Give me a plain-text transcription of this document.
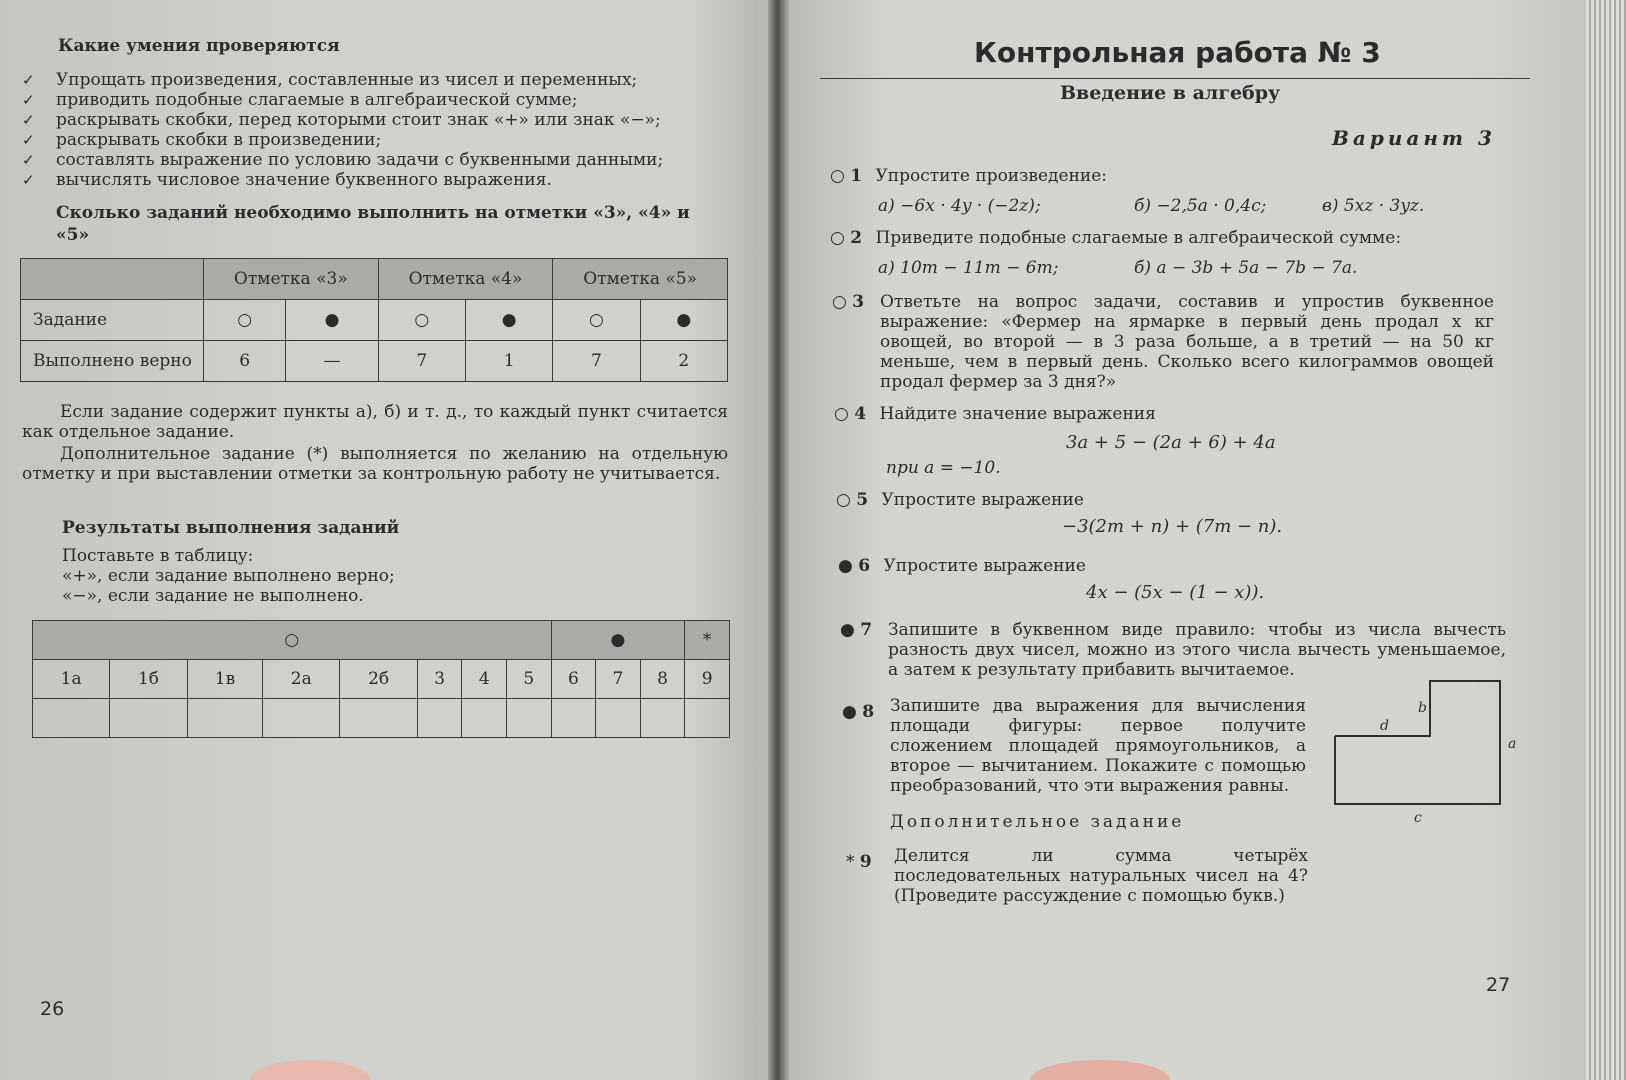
Какие умения проверяются
✓	Упрощать произведения, составленные из чисел и переменных;
✓	приводить подобные слагаемые в алгебраической сумме;
✓	раскрывать скобки, перед которыми стоит знак «+» или знак «−»;
✓	раскрывать скобки в произведении;
✓	составлять выражение по условию задачи с буквенными данными;
✓	вычислять числовое значение буквенного выражения.
Сколько заданий необходимо выполнить на отметки «3», «4» и «5»
	Отметка «3»		Отметка «4»		Отметка «5»	
Задание	○	●	○	●	○	●
Выполнено верно	6	—	7	1	7	2
Если задание содержит пункты а), б) и т. д., то каждый пункт считается как отдельное задание.
Дополнительное задание (*) выполняется по желанию на отдельную отметку и при выставлении отметки за контрольную работу не учитывается.
Результаты выполнения заданий
Поставьте в таблицу:
«+», если задание выполнено верно;
«−», если задание не выполнено.
○								●			*
1а	1б	1в	2а	2б	3	4	5	6	7	8	9

26
Контрольная работа № 3
Введение в алгебру
Вариант 3
○ 1 Упростите произведение:
а) −6x · 4y · (−2z);	б) −2,5a · 0,4c;	в) 5xz · 3yz.
○ 2 Приведите подобные слагаемые в алгебраической сумме:
а) 10m − 11m − 6m;	б) a − 3b + 5a − 7b − 7a.
○ 3 Ответьте на вопрос задачи, составив и упростив буквенное выражение: «Фермер на ярмарке в первый день продал x кг овощей, во второй — в 3 раза больше, а в третий — на 50 кг меньше, чем в первый день. Сколько всего килограммов овощей продал фермер за 3 дня?»
○ 4 Найдите значение выражения
3a + 5 − (2a + 6) + 4a
при a = −10.
○ 5 Упростите выражение
−3(2m + n) + (7m − n).
● 6 Упростите выражение
4x − (5x − (1 − x)).
● 7 Запишите в буквенном виде правило: чтобы из числа вычесть разность двух чисел, можно из этого числа вычесть уменьшаемое, а затем к результату прибавить вычитаемое.
● 8 Запишите два выражения для вычисления площади фигуры: первое получите сложением площадей прямоугольников, а второе — вычитанием. Покажите с помощью преобразований, что эти выражения равны.
d
b
a
c
Дополнительное задание
* 9 Делится ли сумма четырёх последовательных натуральных чисел на 4? (Проведите рассуждение с помощью букв.)
27
